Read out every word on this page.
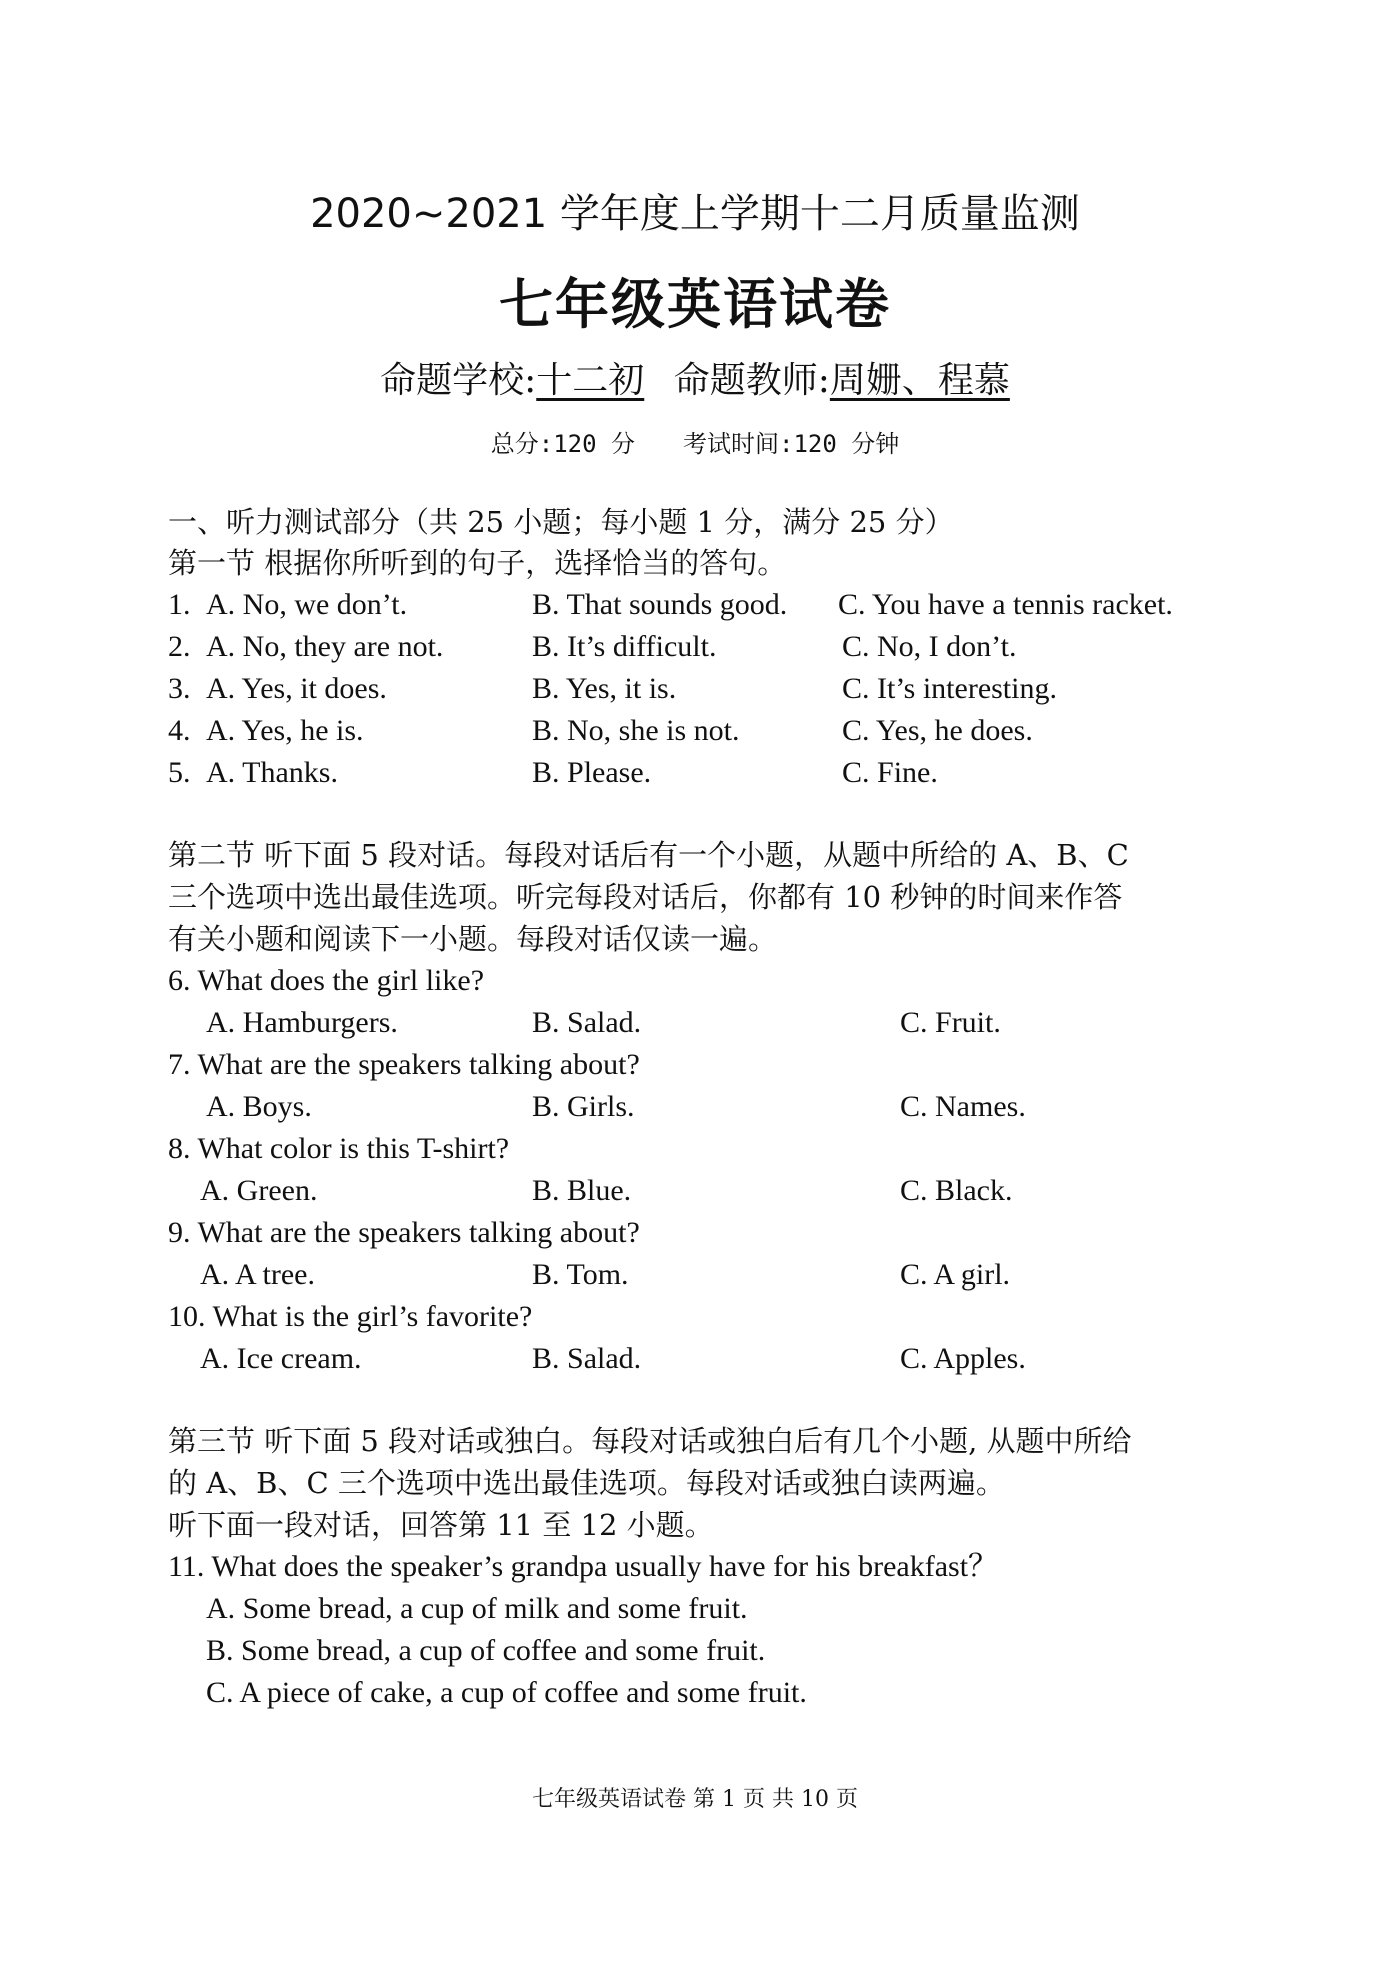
2020~2021 学年度上学期十二月质量监测
七年级英语试卷
命题学校:十二初 命题教师:周姗、程慕
总分:120 分 考试时间:120 分钟
一、听力测试部分（共 25 小题；每小题 1 分，满分 25 分）
第一节 根据你所听到的句子，选择恰当的答句。
1. A. No, we don’t.	B. That sounds good. C. You have a tennis racket.
2. A. No, they are not.	B. It’s difficult.	C. No, I don’t.
3. A. Yes, it does.	B. Yes, it is.	C. It’s interesting.
4. A. Yes, he is.	B. No, she is not.	C. Yes, he does.
5. A. Thanks.	B. Please.	C. Fine.
第二节 听下面 5 段对话。每段对话后有一个小题，从题中所给的 A、B、C
三个选项中选出最佳选项。听完每段对话后，你都有 10 秒钟的时间来作答
有关小题和阅读下一小题。每段对话仅读一遍。
6. What does the girl like?
A. Hamburgers.	B. Salad.	C. Fruit.
7. What are the speakers talking about?
A. Boys.	B. Girls.	C. Names.
8. What color is this T-shirt?
A. Green.	B. Blue.	C. Black.
9. What are the speakers talking about?
A. A tree.	B. Tom.	C. A girl.
10. What is the girl’s favorite?
A. Ice cream.	B. Salad.	C. Apples.
第三节 听下面 5 段对话或独白。每段对话或独白后有几个小题, 从题中所给
的 A、B、C 三个选项中选出最佳选项。每段对话或独白读两遍。
听下面一段对话，回答第 11 至 12 小题。
11. What does the speaker’s grandpa usually have for his breakfast？
A. Some bread, a cup of milk and some fruit.
B. Some bread, a cup of coffee and some fruit.
C. A piece of cake, a cup of coffee and some fruit.
七年级英语试卷 第 1 页 共 10 页
